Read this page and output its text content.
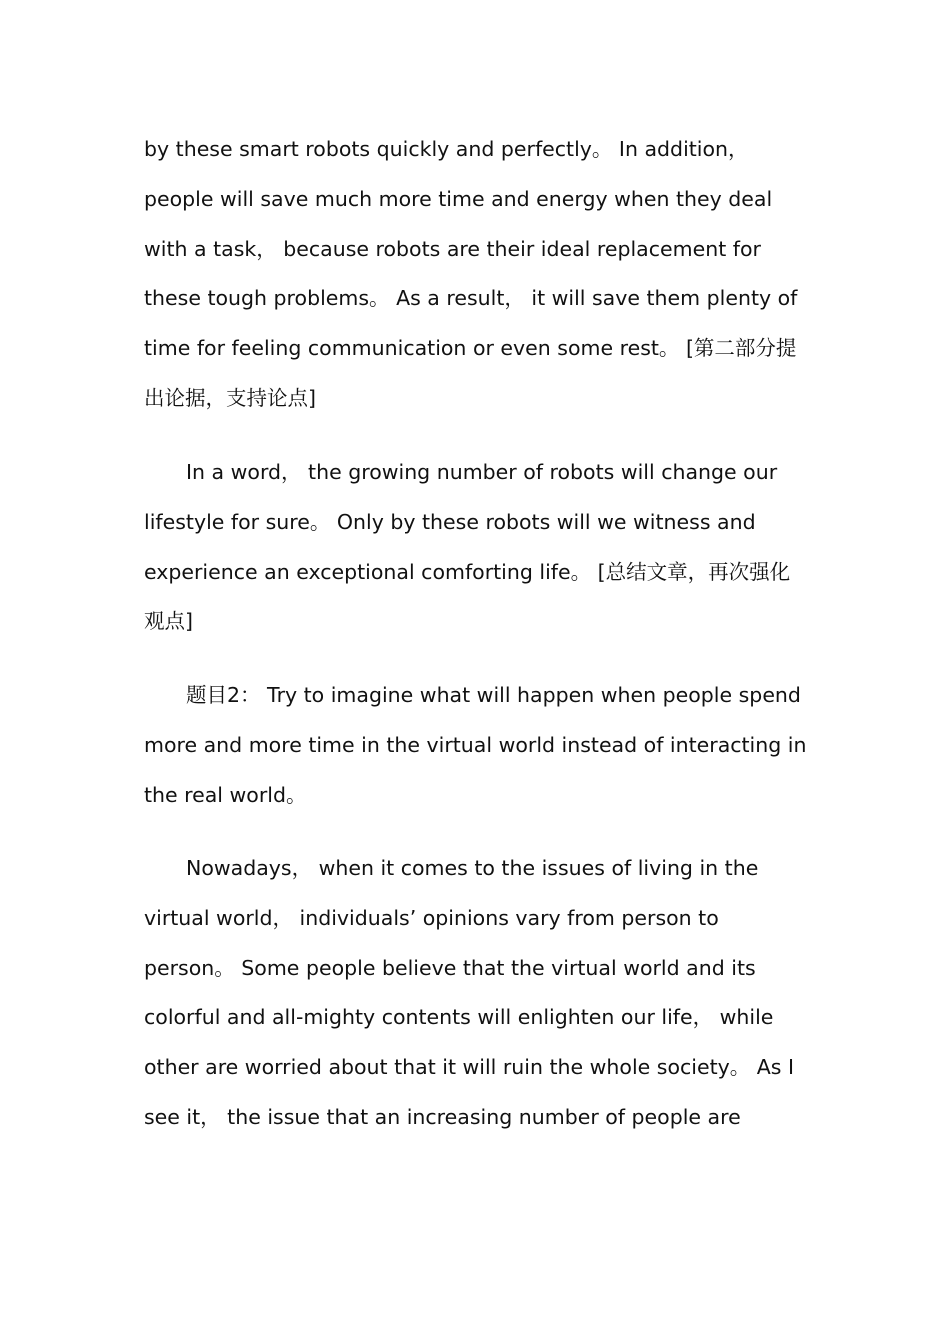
by these smart robots quickly and perfectly。 In addition， people will save much more time and energy when they deal with a task， because robots are their ideal replacement for these tough problems。 As a result， it will save them plenty of time for feeling communication or even some rest。 [第二部分提出论据，支持论点]

In a word， the growing number of robots will change our lifestyle for sure。 Only by these robots will we witness and experience an exceptional comforting life。 [总结文章，再次强化观点]

题目2： Try to imagine what will happen when people spend more and more time in the virtual world instead of interacting in the real world。

Nowadays， when it comes to the issues of living in the virtual world， individuals’ opinions vary from person to person。 Some people believe that the virtual world and its colorful and all-mighty contents will enlighten our life， while other are worried about that it will ruin the whole society。 As I see it， the issue that an increasing number of people are
